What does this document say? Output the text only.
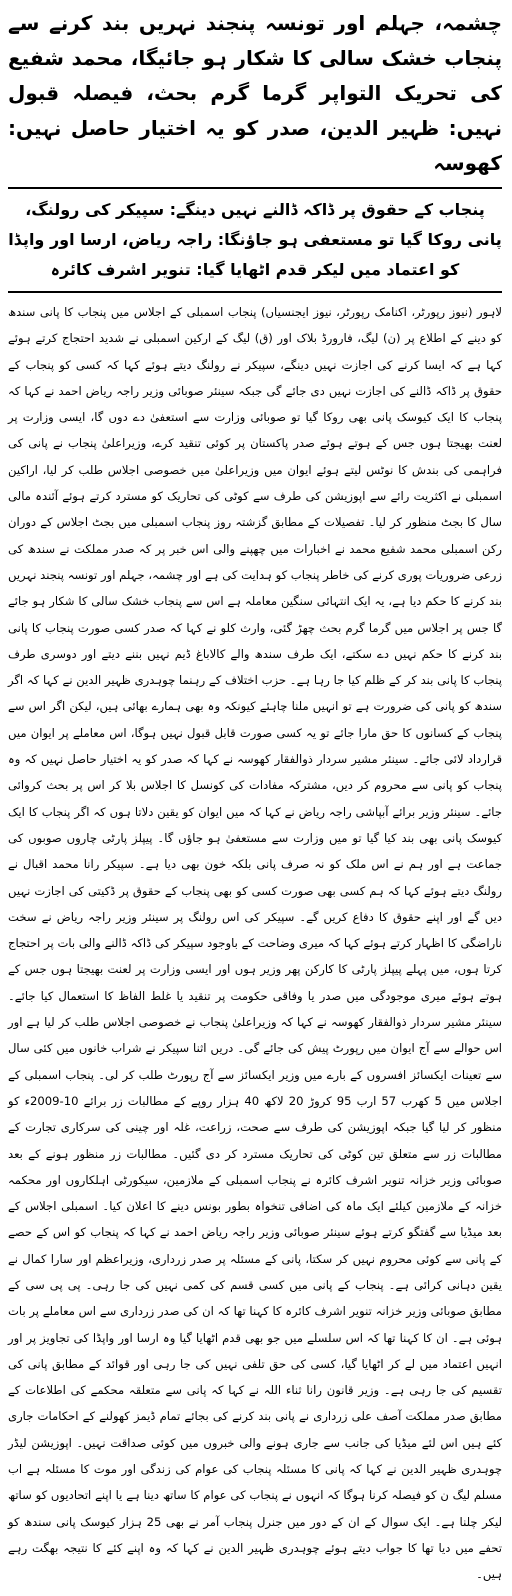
چشمہ، جہلم اور تونسہ پنجند نہریں بند کرنے سے پنجاب خشک سالی کا شکار ہو جائیگا، محمد شفیع کی تحریک التواپر گرما گرم بحث، فیصلہ قبول نہیں: ظہیر الدین، صدر کو یہ اختیار حاصل نہیں: کھوسہ
پنجاب کے حقوق پر ڈاکہ ڈالنے نہیں دینگے: سپیکر کی رولنگ، پانی روکا گیا تو مستعفی ہو جاؤنگا: راجہ ریاض، ارسا اور واپڈا کو اعتماد میں لیکر قدم اٹھایا گیا: تنویر اشرف کائرہ

لاہور (نیوز رپورٹر، اکنامک رپورٹر، نیوز ایجنسیاں) پنجاب اسمبلی کے اجلاس میں پنجاب کا پانی سندھ کو دینے کے اطلاع پر (ن) لیگ، فارورڈ بلاک اور (ق) لیگ کے ارکین اسمبلی نے شدید احتجاج کرتے ہوئے کہا ہے کہ ایسا کرنے کی اجازت نہیں دینگے، سپیکر نے رولنگ دیتے ہوئے کہا کہ کسی کو پنجاب کے حقوق پر ڈاکہ ڈالنے کی اجازت نہیں دی جائے گی جبکہ سینئر صوبائی وزیر راجہ ریاض احمد نے کہا کہ پنجاب کا ایک کیوسک پانی بھی روکا گیا تو صوبائی وزارت سے استعفیٰ دے دوں گا، ایسی وزارت پر لعنت بھیجتا ہوں جس کے ہوتے ہوئے صدر پاکستان پر کوئی تنقید کرے، وزیراعلیٰ پنجاب نے پانی کی فراہمی کی بندش کا نوٹس لیتے ہوئے ایوان میں وزیراعلیٰ میں خصوصی اجلاس طلب کر لیا، اراکین اسمبلی نے اکثریت رائے سے اپوزیشن کی طرف سے کوٹی کی تحاریک کو مسترد کرتے ہوئے آئندہ مالی سال کا بجٹ منظور کر لیا۔ تفصیلات کے مطابق گزشتہ روز پنجاب اسمبلی میں بجٹ اجلاس کے دوران رکن اسمبلی محمد شفیع محمد نے اخبارات میں چھپنے والی اس خبر پر کہ صدر مملکت نے سندھ کی زرعی ضروریات پوری کرنے کی خاطر پنجاب کو ہدایت کی ہے اور چشمہ، جہلم اور تونسہ پنجند نہریں بند کرنے کا حکم دیا ہے، یہ ایک انتہائی سنگین معاملہ ہے اس سے پنجاب خشک سالی کا شکار ہو جائے گا جس پر اجلاس میں گرما گرم بحث چھڑ گئی، وارث کلو نے کہا کہ صدر کسی صورت پنجاب کا پانی بند کرنے کا حکم نہیں دے سکتے، ایک طرف سندھ والے کالاباغ ڈیم نہیں بننے دیتے اور دوسری طرف پنجاب کا پانی بند کر کے ظلم کیا جا رہا ہے۔ حزب اختلاف کے رہنما چوہدری ظہیر الدین نے کہا کہ اگر سندھ کو پانی کی ضرورت ہے تو انہیں ملنا چاہئے کیونکہ وہ بھی ہمارے بھائی ہیں، لیکن اگر اس سے پنجاب کے کسانوں کا حق مارا جائے تو یہ کسی صورت قابل قبول نہیں ہوگا، اس معاملے پر ایوان میں قرارداد لائی جائے۔ سینئر مشیر سردار ذوالفقار کھوسہ نے کہا کہ صدر کو یہ اختیار حاصل نہیں کہ وہ پنجاب کو پانی سے محروم کر دیں، مشترکہ مفادات کی کونسل کا اجلاس بلا کر اس پر بحث کروائی جائے۔ سینئر وزیر برائے آبپاشی راجہ ریاض نے کہا کہ میں ایوان کو یقین دلاتا ہوں کہ اگر پنجاب کا ایک کیوسک پانی بھی بند کیا گیا تو میں وزارت سے مستعفیٰ ہو جاؤں گا۔ پیپلز پارٹی چاروں صوبوں کی جماعت ہے اور ہم نے اس ملک کو نہ صرف پانی بلکہ خون بھی دیا ہے۔ سپیکر رانا محمد اقبال نے رولنگ دیتے ہوئے کہا کہ ہم کسی بھی صورت کسی کو بھی پنجاب کے حقوق پر ڈکیتی کی اجازت نہیں دیں گے اور اپنے حقوق کا دفاع کریں گے۔ سپیکر کی اس رولنگ پر سینئر وزیر راجہ ریاض نے سخت ناراضگی کا اظہار کرتے ہوئے کہا کہ میری وضاحت کے باوجود سپیکر کی ڈاکہ ڈالنے والی بات پر احتجاج کرتا ہوں، میں پہلے پیپلز پارٹی کا کارکن پھر وزیر ہوں اور ایسی وزارت پر لعنت بھیجتا ہوں جس کے ہوتے ہوئے میری موجودگی میں صدر یا وفاقی حکومت پر تنقید یا غلط الفاظ کا استعمال کیا جائے۔ سینئر مشیر سردار ذوالفقار کھوسہ نے کہا کہ وزیراعلیٰ پنجاب نے خصوصی اجلاس طلب کر لیا ہے اور اس حوالے سے آج ایوان میں رپورٹ پیش کی جائے گی۔ دریں اثنا سپیکر نے شراب خانوں میں کئی سال سے تعینات ایکسائز افسروں کے بارے میں وزیر ایکسائز سے آج رپورٹ طلب کر لی۔ پنجاب اسمبلی کے اجلاس میں 5 کھرب 57 ارب 95 کروڑ 20 لاکھ 40 ہزار روپے کے مطالبات زر برائے 10-2009ء کو منظور کر لیا گیا جبکہ اپوزیشن کی طرف سے صحت، زراعت، غلہ اور چینی کی سرکاری تجارت کے مطالبات زر سے متعلق تین کوٹی کی تحاریک مسترد کر دی گئیں۔ مطالبات زر منظور ہونے کے بعد صوبائی وزیر خزانہ تنویر اشرف کائرہ نے پنجاب اسمبلی کے ملازمین، سیکورٹی اہلکاروں اور محکمہ خزانہ کے ملازمین کیلئے ایک ماہ کی اضافی تنخواہ بطور بونس دینے کا اعلان کیا۔ اسمبلی اجلاس کے بعد میڈیا سے گفتگو کرتے ہوئے سینئر صوبائی وزیر راجہ ریاض احمد نے کہا کہ پنجاب کو اس کے حصے کے پانی سے کوئی محروم نہیں کر سکتا، پانی کے مسئلہ پر صدر زرداری، وزیراعظم اور سارا کمال نے یقین دہانی کرائی ہے۔ پنجاب کے پانی میں کسی قسم کی کمی نہیں کی جا رہی۔ پی پی سی کے مطابق صوبائی وزیر خزانہ تنویر اشرف کائرہ کا کہنا تھا کہ ان کی صدر زرداری سے اس معاملے پر بات ہوئی ہے۔ ان کا کہنا تھا کہ اس سلسلے میں جو بھی قدم اٹھایا گیا وہ ارسا اور واپڈا کی تجاویز پر اور انہیں اعتماد میں لے کر اٹھایا گیا، کسی کی حق تلفی نہیں کی جا رہی اور قوائد کے مطابق پانی کی تقسیم کی جا رہی ہے۔ وزیر قانون رانا ثناء اللہ نے کہا کہ پانی سے متعلقہ محکمے کی اطلاعات کے مطابق صدر مملکت آصف علی زرداری نے پانی بند کرنے کی بجائے تمام ڈیمز کھولنے کے احکامات جاری کئے ہیں اس لئے میڈیا کی جانب سے جاری ہونے والی خبروں میں کوئی صداقت نہیں۔ اپوزیشن لیڈر چوہدری ظہیر الدین نے کہا کہ پانی کا مسئلہ پنجاب کی عوام کی زندگی اور موت کا مسئلہ ہے اب مسلم لیگ ن کو فیصلہ کرنا ہوگا کہ انہوں نے پنجاب کی عوام کا ساتھ دینا ہے یا اپنے اتحادیوں کو ساتھ لیکر چلنا ہے۔ ایک سوال کے ان کے دور میں جنرل پنجاب آمر نے بھی 25 ہزار کیوسک پانی سندھ کو تحفے میں دیا تھا کا جواب دیتے ہوئے چوہدری ظہیر الدین نے کہا کہ وہ اپنے کئے کا نتیجہ بھگت رہے ہیں۔
